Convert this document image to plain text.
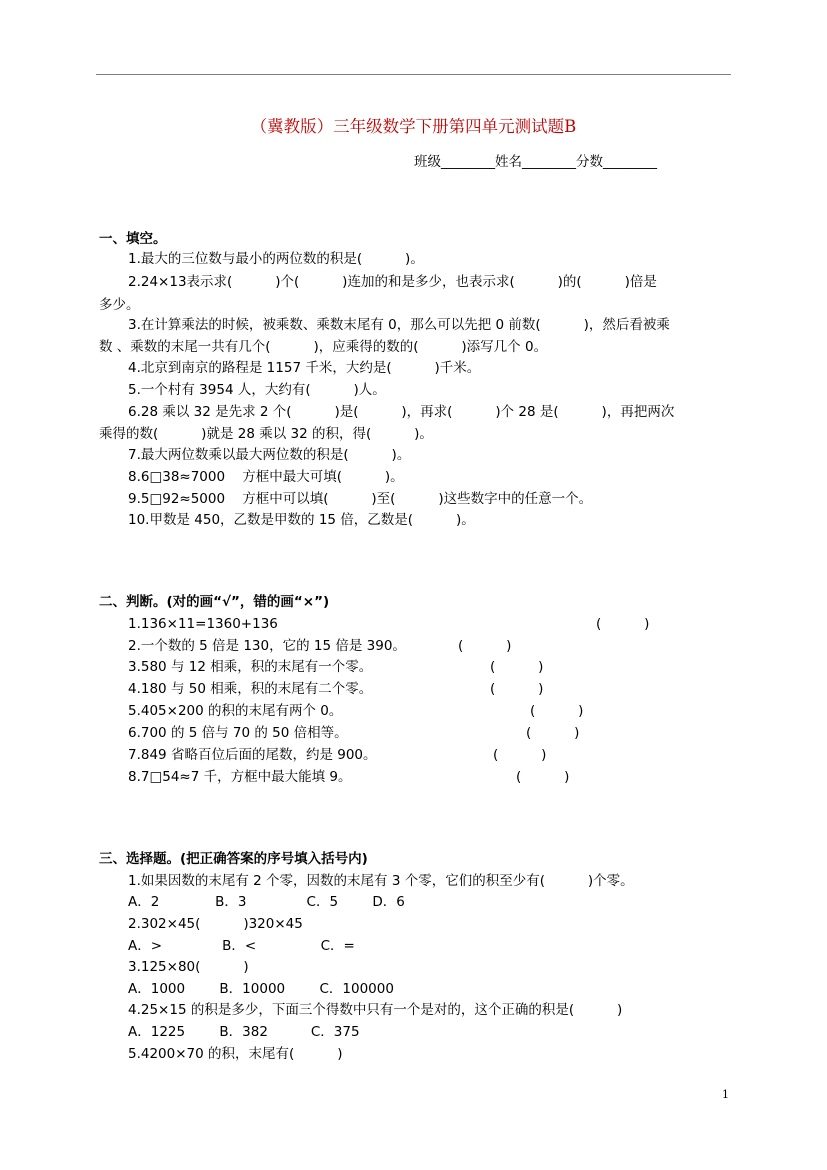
（冀教版）三年级数学下册第四单元测试题B
班级________姓名________分数________
一、填空。
1.最大的三位数与最小的两位数的积是(          )。
2.24×13表示求(          )个(          )连加的和是多少，也表示求(          )的(          )倍是
多少。
3.在计算乘法的时候，被乘数、乘数末尾有 0，那么可以先把 0 前数(          )，然后看被乘
数 、乘数的末尾一共有几个(          )，应乘得的数的(          )添写几个 0。
4.北京到南京的路程是 1157 千米，大约是(          )千米。
5.一个村有 3954 人，大约有(          )人。
6.28 乘以 32 是先求 2 个(          )是(          )，再求(          )个 28 是(          )，再把两次
乘得的数(          )就是 28 乘以 32 的积，得(          )。
7.最大两位数乘以最大两位数的积是(          )。
8.6□38≈7000    方框中最大可填(          )。
9.5□92≈5000    方框中可以填(          )至(          )这些数字中的任意一个。
10.甲数是 450，乙数是甲数的 15 倍，乙数是(          )。
二、判断。(对的画“√”，错的画“×”)
1.136×11=1360+136	(          )
2.一个数的 5 倍是 130，它的 15 倍是 390。	(          )
3.580 与 12 相乘，积的末尾有一个零。	(          )
4.180 与 50 相乘，积的末尾有二个零。	(          )
5.405×200 的积的末尾有两个 0。	(          )
6.700 的 5 倍与 70 的 50 倍相等。	(          )
7.849 省略百位后面的尾数，约是 900。	(          )
8.7□54≈7 千，方框中最大能填 9。	(          )
三、选择题。(把正确答案的序号填入括号内)
1.如果因数的末尾有 2 个零，因数的末尾有 3 个零，它们的积至少有(          )个零。
A．2             B．3              C．5        D．6
2.302×45(          )320×45
A．>              B．<               C．=
3.125×80(          )
A．1000        B．10000        C．100000
4.25×15 的积是多少，下面三个得数中只有一个是对的，这个正确的积是(          )
A．1225        B．382          C．375
5.4200×70 的积，末尾有(          )
1
